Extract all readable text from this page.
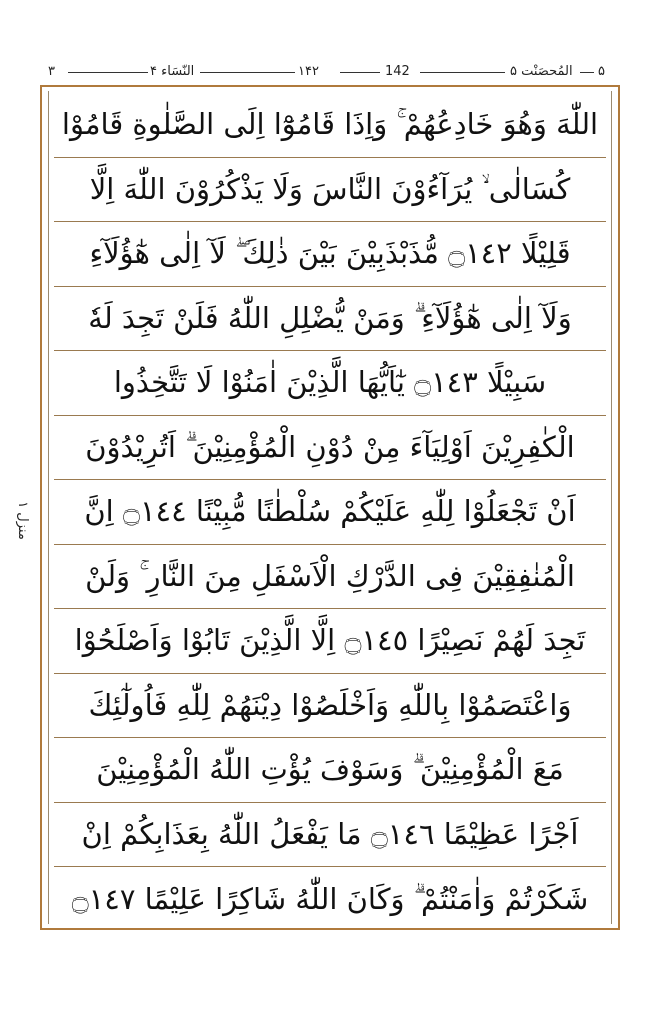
۳	النّسَاء ۴	۱۴۲	142	المُحصَنْت ۵ ۵
منزل ۱
اللّٰهَ وَهُوَ خَادِعُهُمْ ۚ وَاِذَا قَامُوْٓا اِلَى الصَّلٰوةِ قَامُوْا
كُسَالٰى ۙ يُرَآءُوْنَ النَّاسَ وَلَا يَذْكُرُوْنَ اللّٰهَ اِلَّا
قَلِيْلًا ۝١٤٢ مُّذَبْذَبِيْنَ بَيْنَ ذٰلِكَ ۖ لَآ اِلٰى هٰٓؤُلَآءِ
وَلَآ اِلٰى هٰٓؤُلَآءِ ۗ وَمَنْ يُّضْلِلِ اللّٰهُ فَلَنْ تَجِدَ لَهٗ
سَبِيْلًا ۝١٤٣ يٰٓاَيُّهَا الَّذِيْنَ اٰمَنُوْا لَا تَتَّخِذُوا
الْكٰفِرِيْنَ اَوْلِيَآءَ مِنْ دُوْنِ الْمُؤْمِنِيْنَ ۗ اَتُرِيْدُوْنَ
اَنْ تَجْعَلُوْا لِلّٰهِ عَلَيْكُمْ سُلْطٰنًا مُّبِيْنًا ۝١٤٤ اِنَّ
الْمُنٰفِقِيْنَ فِى الدَّرْكِ الْاَسْفَلِ مِنَ النَّارِ ۚ وَلَنْ
تَجِدَ لَهُمْ نَصِيْرًا ۝١٤٥ اِلَّا الَّذِيْنَ تَابُوْا وَاَصْلَحُوْا
وَاعْتَصَمُوْا بِاللّٰهِ وَاَخْلَصُوْا دِيْنَهُمْ لِلّٰهِ فَاُولٰٓئِكَ
مَعَ الْمُؤْمِنِيْنَ ۗ وَسَوْفَ يُؤْتِ اللّٰهُ الْمُؤْمِنِيْنَ
اَجْرًا عَظِيْمًا ۝١٤٦ مَا يَفْعَلُ اللّٰهُ بِعَذَابِكُمْ اِنْ
شَكَرْتُمْ وَاٰمَنْتُمْ ۗ وَكَانَ اللّٰهُ شَاكِرًا عَلِيْمًا ۝١٤٧
